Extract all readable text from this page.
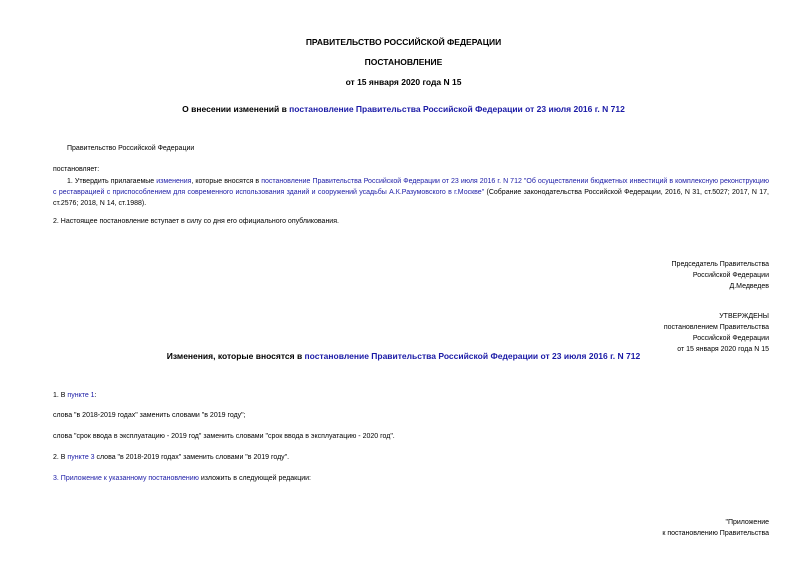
ПРАВИТЕЛЬСТВО РОССИЙСКОЙ ФЕДЕРАЦИИ
ПОСТАНОВЛЕНИЕ
от 15 января 2020 года N 15
О внесении изменений в постановление Правительства Российской Федерации от 23 июля 2016 г. N 712
Правительство Российской Федерации
постановляет:
1. Утвердить прилагаемые изменения, которые вносятся в постановление Правительства Российской Федерации от 23 июля 2016 г. N 712 "Об осуществлении бюджетных инвестиций в комплексную реконструкцию с реставрацией с приспособлением для современного использования зданий и сооружений усадьбы А.К.Разумовского в г.Москве" (Собрание законодательства Российской Федерации, 2016, N 31, ст.5027; 2017, N 17, ст.2576; 2018, N 14, ст.1988).
2. Настоящее постановление вступает в силу со дня его официального опубликования.
Председатель Правительства
Российской Федерации
Д.Медведев
УТВЕРЖДЕНЫ
постановлением Правительства
Российской Федерации
от 15 января 2020 года N 15
Изменения, которые вносятся в постановление Правительства Российской Федерации от 23 июля 2016 г. N 712
1. В пункте 1:
слова "в 2018-2019 годах" заменить словами "в 2019 году";
слова "срок ввода в эксплуатацию - 2019 год" заменить словами "срок ввода в эксплуатацию - 2020 год".
2. В пункте 3 слова "в 2018-2019 годах" заменить словами "в 2019 году".
3. Приложение к указанному постановлению изложить в следующей редакции:
"Приложение
к постановлению Правительства
